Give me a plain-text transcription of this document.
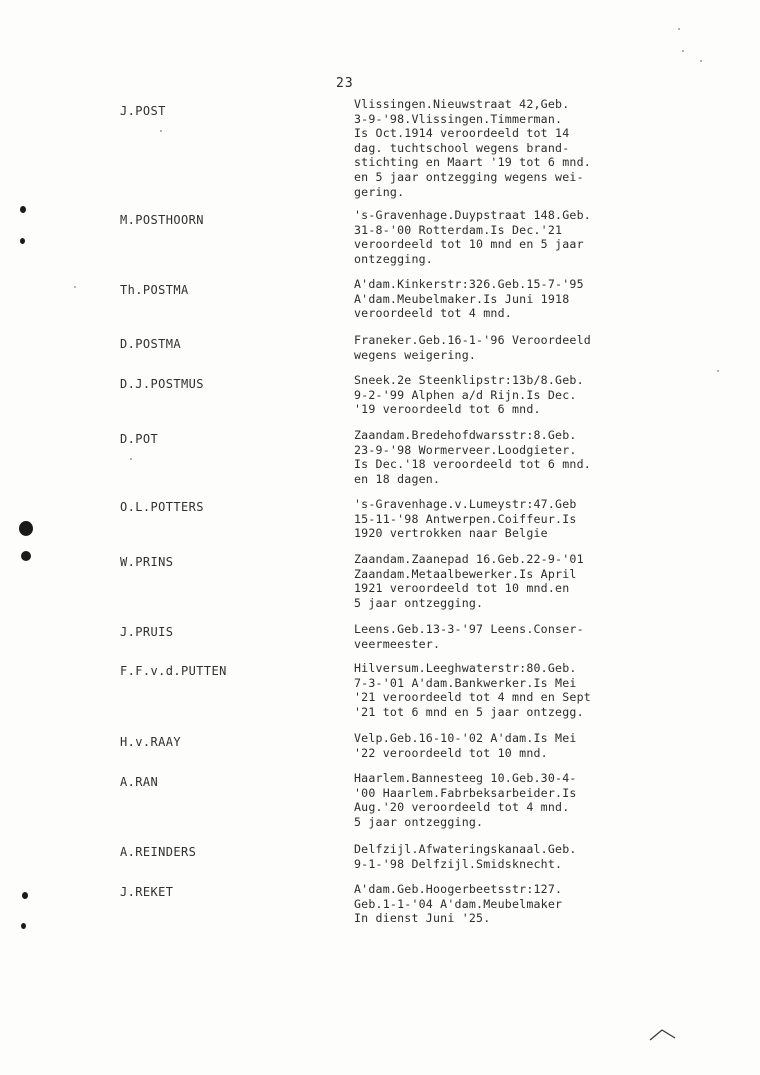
23
J.POST	Vlissingen.Nieuwstraat 42,Geb.
3-9-'98.Vlissingen.Timmerman.
Is Oct.1914 veroordeeld tot 14
dag. tuchtschool wegens brand-
stichting en Maart '19 tot 6 mnd.
en 5 jaar ontzegging wegens wei-
gering.
M.POSTHOORN	's-Gravenhage.Duypstraat 148.Geb.
31-8-'00 Rotterdam.Is Dec.'21
veroordeeld tot 10 mnd en 5 jaar
ontzegging.
Th.POSTMA	A'dam.Kinkerstr:326.Geb.15-7-'95
A'dam.Meubelmaker.Is Juni 1918
veroordeeld tot 4 mnd.
D.POSTMA	Franeker.Geb.16-1-'96 Veroordeeld
wegens weigering.
D.J.POSTMUS	Sneek.2e Steenklipstr:13b/8.Geb.
9-2-'99 Alphen a/d Rijn.Is Dec.
'19 veroordeeld tot 6 mnd.
D.POT	Zaandam.Bredehofdwarsstr:8.Geb.
23-9-'98 Wormerveer.Loodgieter.
Is Dec.'18 veroordeeld tot 6 mnd.
en 18 dagen.
O.L.POTTERS	's-Gravenhage.v.Lumeystr:47.Geb
15-11-'98 Antwerpen.Coiffeur.Is
1920 vertrokken naar Belgie
W.PRINS	Zaandam.Zaanepad 16.Geb.22-9-'01
Zaandam.Metaalbewerker.Is April
1921 veroordeeld tot 10 mnd.en
5 jaar ontzegging.
J.PRUIS	Leens.Geb.13-3-'97 Leens.Conser-
veermeester.
F.F.v.d.PUTTEN	Hilversum.Leeghwaterstr:80.Geb.
7-3-'01 A'dam.Bankwerker.Is Mei
'21 veroordeeld tot 4 mnd en Sept
'21 tot 6 mnd en 5 jaar ontzegg.
H.v.RAAY	Velp.Geb.16-10-'02 A'dam.Is Mei
'22 veroordeeld tot 10 mnd.
A.RAN	Haarlem.Bannesteeg 10.Geb.30-4-
'00 Haarlem.Fabrbeksarbeider.Is
Aug.'20 veroordeeld tot 4 mnd.
5 jaar ontzegging.
A.REINDERS	Delfzijl.Afwateringskanaal.Geb.
9-1-'98 Delfzijl.Smidsknecht.
J.REKET	A'dam.Geb.Hoogerbeetsstr:127.
Geb.1-1-'04 A'dam.Meubelmaker
In dienst Juni '25.
